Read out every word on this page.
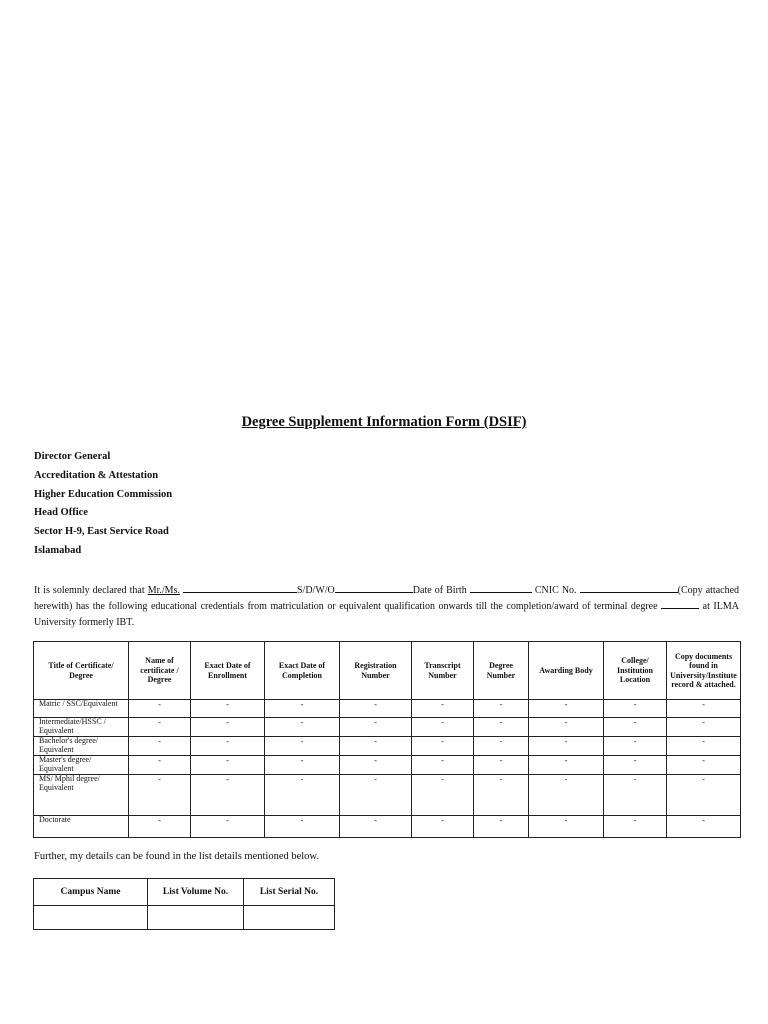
Degree Supplement Information Form (DSIF)
Director General
Accreditation & Attestation
Higher Education Commission
Head Office
Sector H-9, East Service Road
Islamabad
It is solemnly declared that Mr./Ms.	S/D/W/O	Date of Birth	CNIC No.	(Copy attached herewith) has the following educational credentials from matriculation or equivalent qualification onwards till the completion/award of terminal degree	at ILMA University formerly IBT.
Title of Certificate/ Degree	Name of certificate / Degree	Exact Date of Enrollment	Exact Date of Completion	Registration Number	Transcript Number	Degree Number	Awarding Body	College/ Institution Location	Copy documents found in University/Institute record & attached.
Matric / SSC/Equivalent	-	-	-	-	-	-	-	-	-
Intermediate/HSSC / Equivalent	-	-	-	-	-	-	-	-	-
Bachelor's degree/ Equivalent	-	-	-	-	-	-	-	-	-
Master's degree/ Equivalent	-	-	-	-	-	-	-	-	-
MS/ Mphil degree/ Equivalent	-	-	-	-	-	-	-	-	-
Doctorate	-	-	-	-	-	-	-	-	-
Further, my details can be found in the list details mentioned below.
Campus Name	List Volume No.	List Serial No.
